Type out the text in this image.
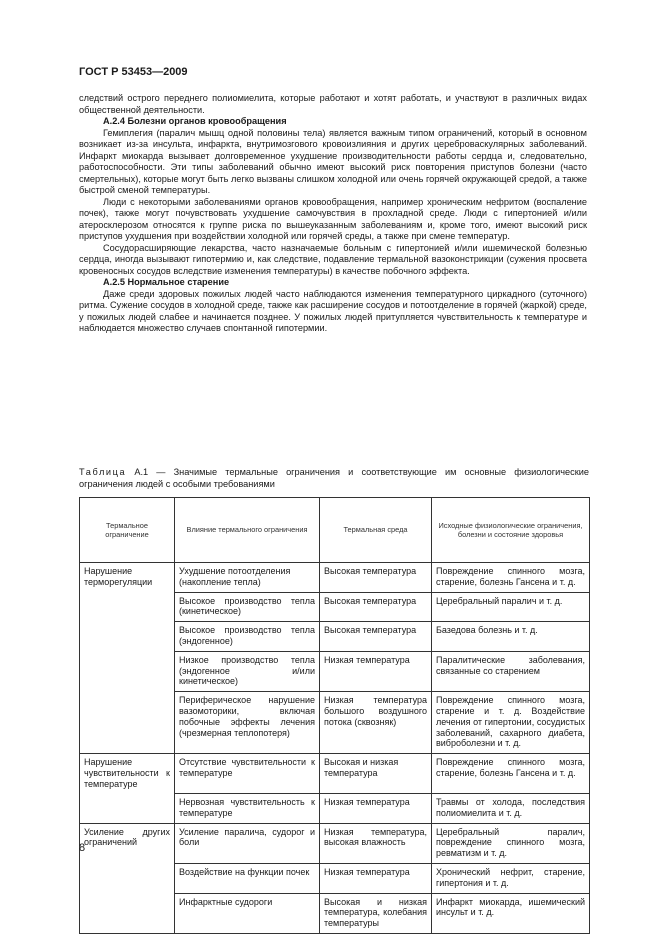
ГОСТ Р 53453—2009

следствий острого переднего полиомиелита, которые работают и хотят работать, и участвуют в различных видах общественной деятельности.

А.2.4 Болезни органов кровообращения

Гемиплегия (паралич мышц одной половины тела) является важным типом ограничений, который в основном возникает из-за инсульта, инфаркта, внутримозгового кровоизлияния и других цереброваскулярных заболеваний. Инфаркт миокарда вызывает долговременное ухудшение производительности работы сердца и, следовательно, работоспособности. Эти типы заболеваний обычно имеют высокий риск повторения приступов болезни (часто смертельных), которые могут быть легко вызваны слишком холодной или очень горячей окружающей средой, а также быстрой сменой температуры.

Люди с некоторыми заболеваниями органов кровообращения, например хроническим нефритом (воспаление почек), также могут почувствовать ухудшение самочувствия в прохладной среде. Люди с гипертонией и/или атеросклерозом относятся к группе риска по вышеуказанным заболеваниям и, кроме того, имеют высокий риск приступов ухудшения при воздействии холодной или горячей среды, а также при смене температур.

Сосудорасширяющие лекарства, часто назначаемые больным с гипертонией и/или ишемической болезнью сердца, иногда вызывают гипотермию и, как следствие, подавление термальной вазоконстрикции (сужения просвета кровеносных сосудов вследствие изменения температуры) в качестве побочного эффекта.

А.2.5 Нормальное старение

Даже среди здоровых пожилых людей часто наблюдаются изменения температурного циркадного (суточного) ритма. Сужение сосудов в холодной среде, также как расширение сосудов и потоотделение в горячей (жаркой) среде, у пожилых людей слабее и начинается позднее. У пожилых людей притупляется чувствительность к температуре и наблюдается множество случаев спонтанной гипотермии.

Таблица А.1 — Значимые термальные ограничения и соответствующие им основные физиологические ограничения людей с особыми требованиями
Термальное ограничение	Влияние термального ограничения	Термальная среда	Исходные физиологические ограничения, болезни и состояние здоровья
Нарушение терморегуляции	Ухудшение потоотделения (накопление тепла)	Высокая температура	Повреждение спинного мозга, старение, болезнь Гансена и т. д.
	Высокое производство тепла (кинетическое)	Высокая температура	Церебральный паралич и т. д.
	Высокое производство тепла (эндогенное)	Высокая температура	Базедова болезнь и т. д.
	Низкое производство тепла (эндогенное и/или кинетическое)	Низкая температура	Паралитические заболевания, связанные со старением
	Периферическое нарушение вазомоторики, включая побочные эффекты лечения (чрезмерная теплопотеря)	Низкая температура большого воздушного потока (сквозняк)	Повреждение спинного мозга, старение и т. д. Воздействие лечения от гипертонии, сосудистых заболеваний, сахарного диабета, виброболезни и т. д.
Нарушение чувствительности к температуре	Отсутствие чувствительности к температуре	Высокая и низкая температура	Повреждение спинного мозга, старение, болезнь Гансена и т. д.
	Нервозная чувствительность к температуре	Низкая температура	Травмы от холода, последствия полиомиелита и т. д.
Усиление других ограничений	Усиление паралича, судорог и боли	Низкая температура, высокая влажность	Церебральный паралич, повреждение спинного мозга, ревматизм и т. д.
	Воздействие на функции почек	Низкая температура	Хронический нефрит, старение, гипертония и т. д.
	Инфарктные судороги	Высокая и низкая температура, колебания температуры	Инфаркт миокарда, ишемический инсульт и т. д.
8
